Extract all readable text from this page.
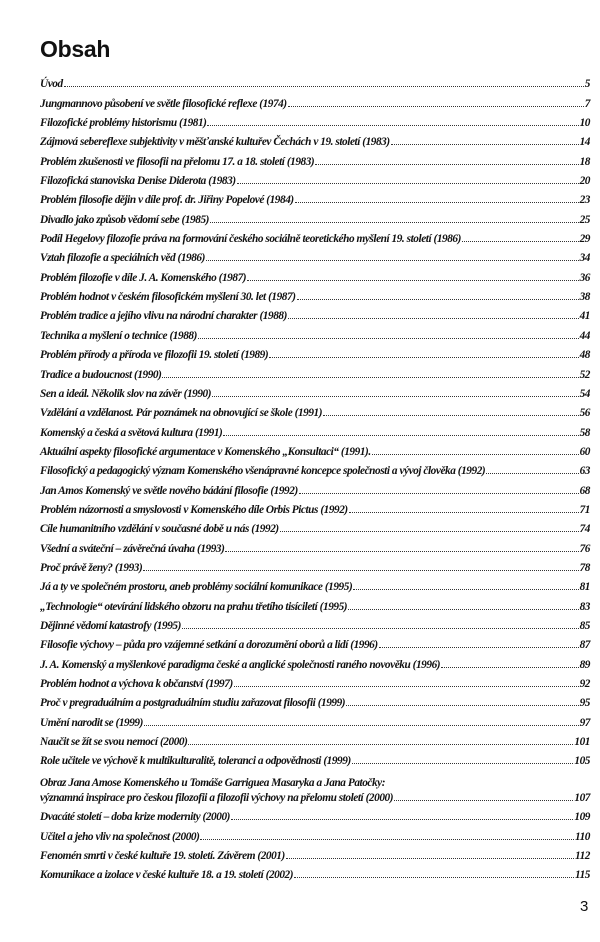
Obsah
Úvod	5
Jungmannovo působení ve světle filosofické reflexe (1974)	7
Filozofické problémy historismu (1981)	10
Zájmová sebereflexe subjektivity v měšťanské kultuřev Čechách v 19. století (1983)	14
Problém zkušenosti ve filosofii na přelomu 17. a 18. století (1983)	18
Filozofická stanoviska Denise Diderota (1983)	20
Problém filosofie dějin v díle prof. dr. Jiřiny Popelové (1984)	23
Divadlo jako způsob vědomí sebe (1985)	25
Podíl Hegelovy filozofie práva na formování českého sociálně teoretického myšlení 19. století (1986)	29
Vztah filozofie a speciálních věd (1986)	34
Problém filozofie v díle J. A. Komenského (1987)	36
Problém hodnot v českém filosofickém myšlení 30. let (1987)	38
Problém tradice a jejího vlivu na národní charakter (1988)	41
Technika a myšlení o technice (1988)	44
Problém přírody a příroda ve filozofii 19. století (1989)	48
Tradice a budoucnost (1990)	52
Sen a ideál. Několik slov na závěr (1990)	54
Vzdělání a vzdělanost. Pár poznámek na obnovující se škole (1991)	56
Komenský a česká a světová kultura (1991)	58
Aktuální aspekty filosofické argumentace v Komenského „Konsultaci“ (1991).	60
Filosofický a pedagogický význam Komenského všenápravné koncepce společnosti a vývoj člověka (1992)	63
Jan Amos Komenský ve světle nového bádání filosofie (1992)	68
Problém názornosti a smyslovosti v Komenského díle Orbis Pictus (1992)	71
Cíle humanitního vzdělání v současné době u nás (1992)	74
Všední a sváteční – závěrečná úvaha (1993)	76
Proč právě ženy? (1993)	78
Já a ty ve společném prostoru, aneb problémy sociální komunikace (1995)	81
„Technologie“ otevírání lidského obzoru na prahu třetího tisíciletí (1995)	83
Dějinné vědomí katastrofy (1995)	85
Filosofie výchovy – půda pro vzájemné setkání a dorozumění oborů a lidí (1996)	87
J. A. Komenský a myšlenkové paradigma české a anglické společnosti raného novověku (1996)	89
Problém hodnot a výchova k občanství (1997)	92
Proč v pregraduálním a postgraduálním studiu zařazovat filosofii (1999)	95
Umění narodit se (1999)	97
Naučit se žít se svou nemocí (2000)	101
Role učitele ve výchově k multikulturalitě, toleranci a odpovědnosti (1999)	105
Obraz Jana Amose Komenského u Tomáše Garriguea Masaryka a Jana Patočky:
významná inspirace pro českou filozofii a filozofii výchovy na přelomu století (2000)	107
Dvacáté století – doba krize modernity (2000)	109
Učitel a jeho vliv na společnost (2000)	110
Fenomén smrti v české kultuře 19. století. Závěrem (2001)	112
Komunikace a izolace v české kultuře 18. a 19. století (2002)	115
3
